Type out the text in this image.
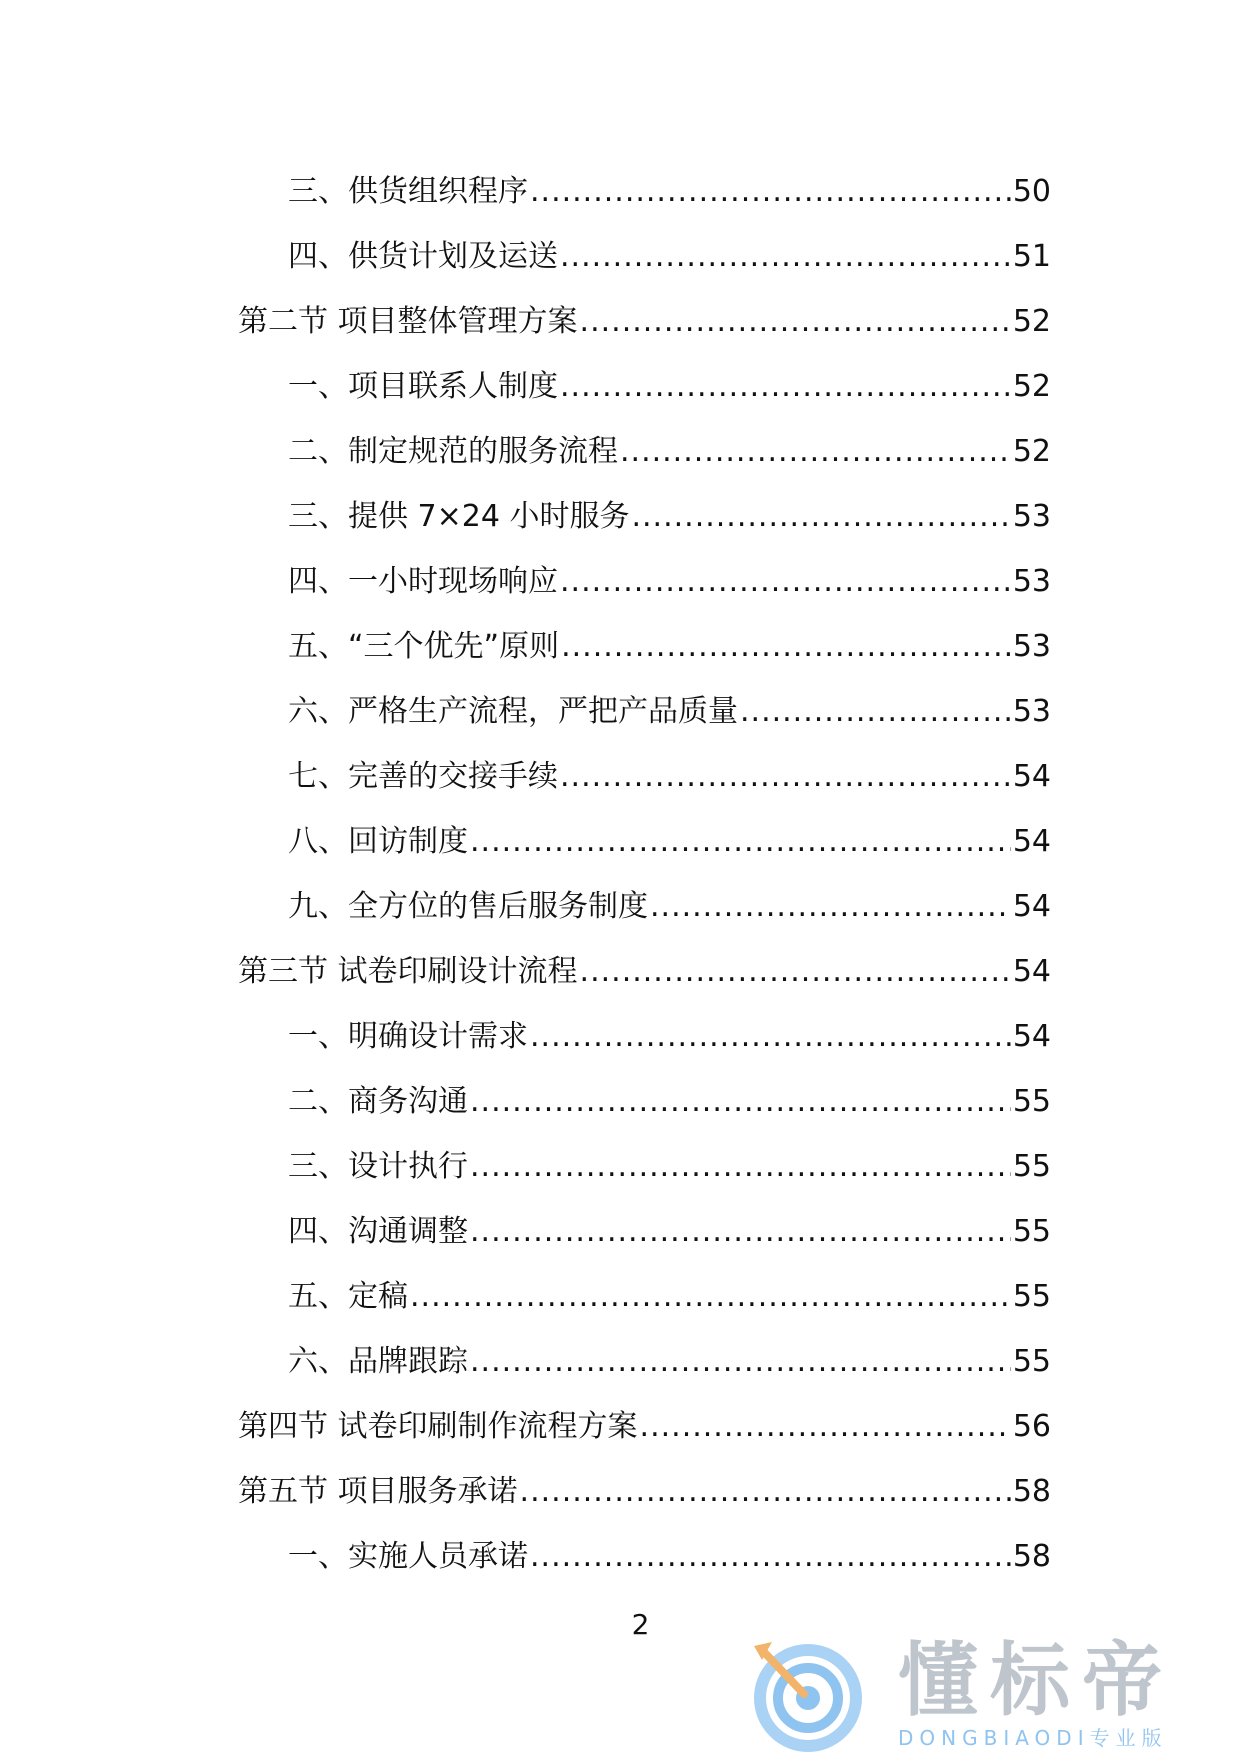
三、供货组织程序 .....	50
四、供货计划及运送 .....	51
第二节 项目整体管理方案 .....	52
一、项目联系人制度 .....	52
二、制定规范的服务流程 .....	52
三、提供 7×24 小时服务 .....	53
四、一小时现场响应 .....	53
五、“三个优先”原则 .....	53
六、严格生产流程，严把产品质量 .....	53
七、完善的交接手续 .....	54
八、回访制度 .....	54
九、全方位的售后服务制度 .....	54
第三节 试卷印刷设计流程 .....	54
一、明确设计需求 .....	54
二、商务沟通 .....	55
三、设计执行 .....	55
四、沟通调整 .....	55
五、定稿 .....	55
六、品牌跟踪 .....	55
第四节 试卷印刷制作流程方案 .....	56
第五节 项目服务承诺 .....	58
一、实施人员承诺 .....	58
2
懂标帝
DONGBIAODI专业版
